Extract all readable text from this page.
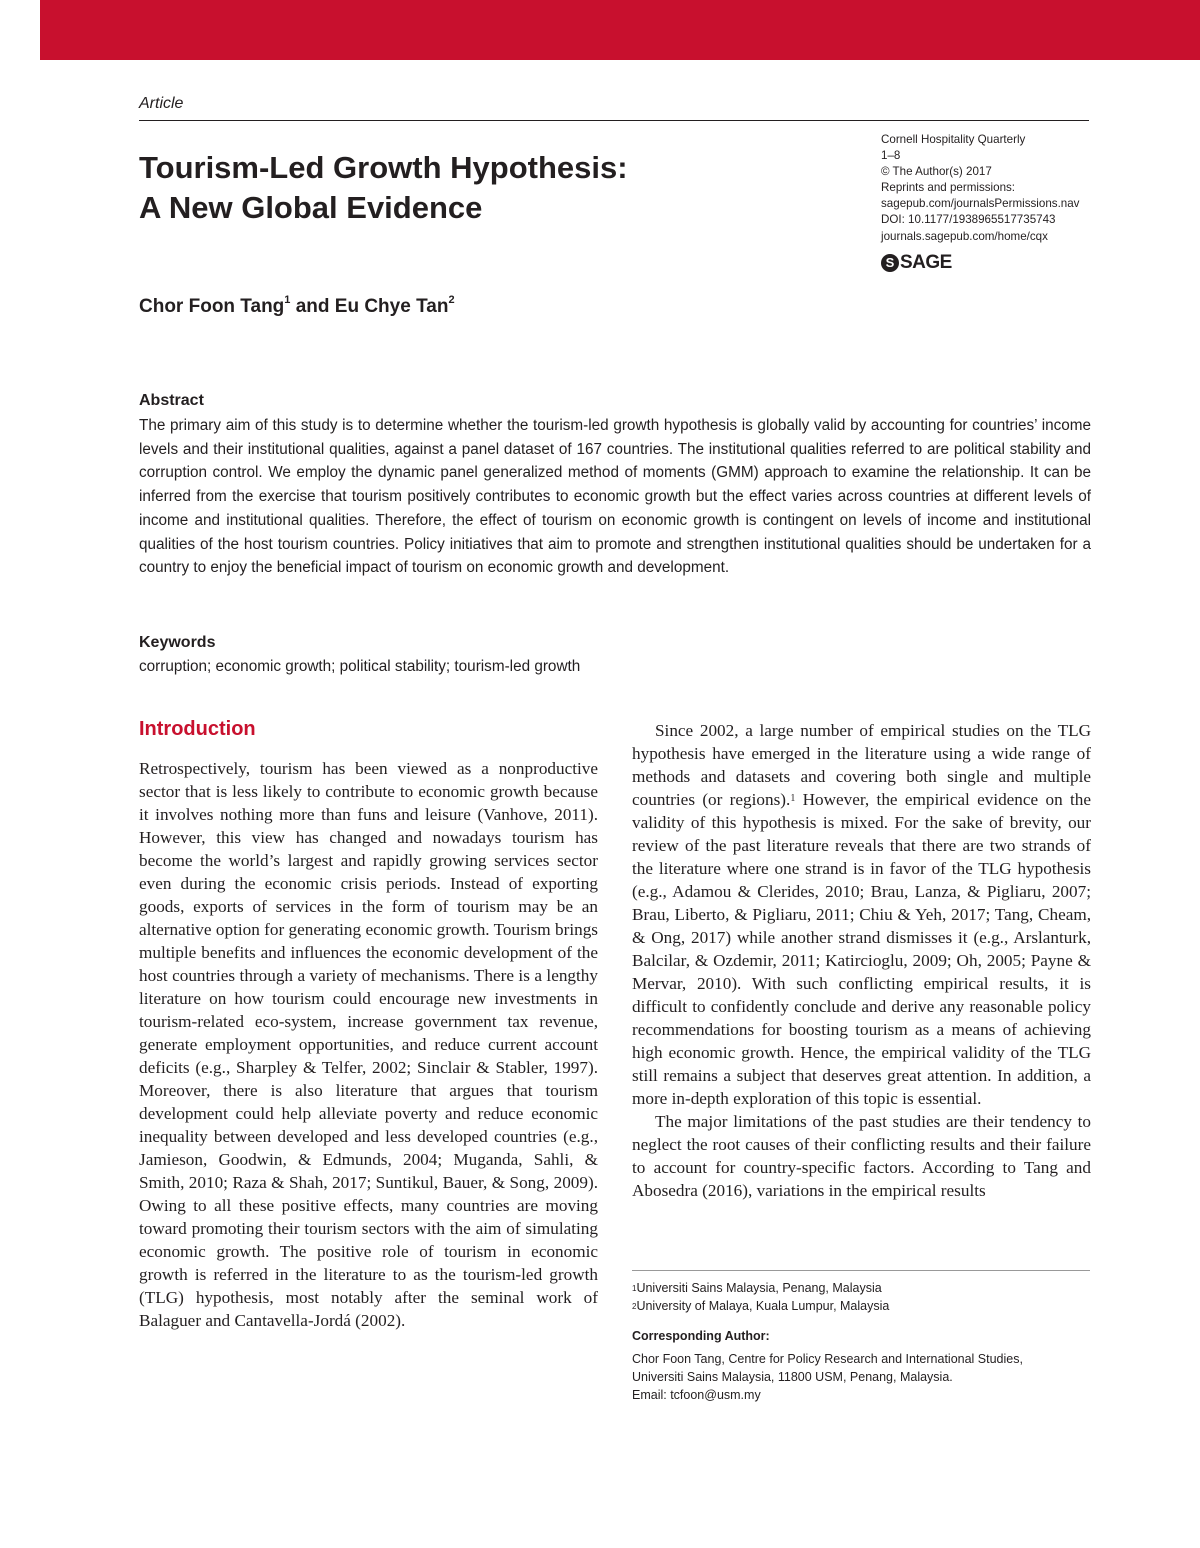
Article
Tourism-Led Growth Hypothesis:
A New Global Evidence
Cornell Hospitality Quarterly
1–8
© The Author(s) 2017
Reprints and permissions:
sagepub.com/journalsPermissions.nav
DOI: 10.1177/1938965517735743
journals.sagepub.com/home/cqx
S SAGE
Chor Foon Tang$^1$ and Eu Chye Tan$^2$
Abstract
The primary aim of this study is to determine whether the tourism-led growth hypothesis is globally valid by accounting for countries’ income levels and their institutional qualities, against a panel dataset of 167 countries. The institutional qualities referred to are political stability and corruption control. We employ the dynamic panel generalized method of moments (GMM) approach to examine the relationship. It can be inferred from the exercise that tourism positively contributes to economic growth but the effect varies across countries at different levels of income and institutional qualities. Therefore, the effect of tourism on economic growth is contingent on levels of income and institutional qualities of the host tourism countries. Policy initiatives that aim to promote and strengthen institutional qualities should be undertaken for a country to enjoy the beneficial impact of tourism on economic growth and development.
Keywords
corruption; economic growth; political stability; tourism-led growth
Introduction

Retrospectively, tourism has been viewed as a nonproductive sector that is less likely to contribute to economic growth because it involves nothing more than funs and leisure (Vanhove, 2011). However, this view has changed and nowadays tourism has become the world’s largest and rapidly growing services sector even during the economic crisis periods. Instead of exporting goods, exports of services in the form of tourism may be an alternative option for generating economic growth. Tourism brings multiple benefits and influences the economic development of the host countries through a variety of mechanisms. There is a lengthy literature on how tourism could encourage new investments in tourism-related eco-system, increase government tax revenue, generate employment opportunities, and reduce current account deficits (e.g., Sharpley & Telfer, 2002; Sinclair & Stabler, 1997). Moreover, there is also literature that argues that tourism development could help alleviate poverty and reduce economic inequality between developed and less developed countries (e.g., Jamieson, Goodwin, & Edmunds, 2004; Muganda, Sahli, & Smith, 2010; Raza & Shah, 2017; Suntikul, Bauer, & Song, 2009). Owing to all these positive effects, many countries are moving toward promoting their tourism sectors with the aim of simulating economic growth. The positive role of tourism in economic growth is referred in the literature to as the tourism-led growth (TLG) hypothesis, most notably after the seminal work of Balaguer and Cantavella-Jordá (2002).

Since 2002, a large number of empirical studies on the TLG hypothesis have emerged in the literature using a wide range of methods and datasets and covering both single and multiple countries (or regions).$^1$ However, the empirical evidence on the validity of this hypothesis is mixed. For the sake of brevity, our review of the past literature reveals that there are two strands of the literature where one strand is in favor of the TLG hypothesis (e.g., Adamou & Clerides, 2010; Brau, Lanza, & Pigliaru, 2007; Brau, Liberto, & Pigliaru, 2011; Chiu & Yeh, 2017; Tang, Cheam, & Ong, 2017) while another strand dismisses it (e.g., Arslanturk, Balcilar, & Ozdemir, 2011; Katircioglu, 2009; Oh, 2005; Payne & Mervar, 2010). With such conflicting empirical results, it is difficult to confidently conclude and derive any reasonable policy recommendations for boosting tourism as a means of achieving high economic growth. Hence, the empirical validity of the TLG still remains a subject that deserves great attention. In addition, a more in-depth exploration of this topic is essential.

The major limitations of the past studies are their tendency to neglect the root causes of their conflicting results and their failure to account for country-specific factors. According to Tang and Abosedra (2016), variations in the empirical results

$^1$Universiti Sains Malaysia, Penang, Malaysia
$^2$University of Malaya, Kuala Lumpur, Malaysia
Corresponding Author:
Chor Foon Tang, Centre for Policy Research and International Studies,
Universiti Sains Malaysia, 11800 USM, Penang, Malaysia.
Email: tcfoon@usm.my
